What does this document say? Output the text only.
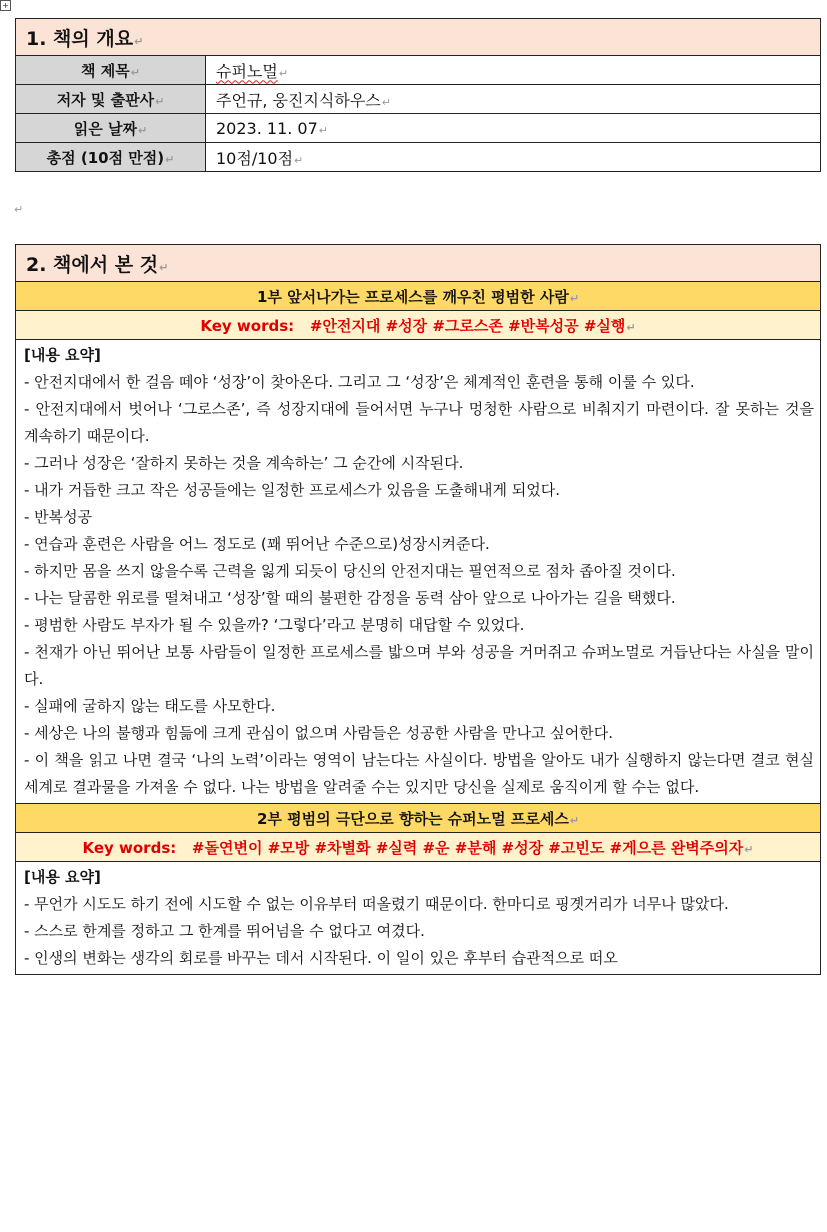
+
1. 책의 개요↵	
책 제목↵	슈퍼노멀↵
저자 및 출판사↵	주언규, 웅진지식하우스↵
읽은 날짜↵	2023. 11. 07↵
총점 (10점 만점)↵	10점/10점↵
↵
2. 책에서 본 것↵
1부 앞서나가는 프로세스를 깨우친 평범한 사람↵
Key words: #안전지대 #성장 #그로스존 #반복성공 #실행↵

[내용 요약]

- 안전지대에서 한 걸음 떼야 ‘성장’이 찾아온다. 그리고 그 ‘성장’은 체계적인 훈련을 통해 이룰 수 있다.

- 안전지대에서 벗어나 ‘그로스존’, 즉 성장지대에 들어서면 누구나 멍청한 사람으로 비춰지기 마련이다. 잘 못하는 것을 계속하기 때문이다.

- 그러나 성장은 ‘잘하지 못하는 것을 계속하는’ 그 순간에 시작된다.

- 내가 거듭한 크고 작은 성공들에는 일정한 프로세스가 있음을 도출해내게 되었다.

- 반복성공

- 연습과 훈련은 사람을 어느 정도로 (꽤 뛰어난 수준으로)성장시켜준다.

- 하지만 몸을 쓰지 않을수록 근력을 잃게 되듯이 당신의 안전지대는 필연적으로 점차 좁아질 것이다.

- 나는 달콤한 위로를 떨쳐내고 ‘성장’할 때의 불편한 감정을 동력 삼아 앞으로 나아가는 길을 택했다.

- 평범한 사람도 부자가 될 수 있을까? ‘그렇다’라고 분명히 대답할 수 있었다.

- 천재가 아닌 뛰어난 보통 사람들이 일정한 프로세스를 밟으며 부와 성공을 거머쥐고 슈퍼노멀로 거듭난다는 사실을 말이다.

- 실패에 굴하지 않는 태도를 사모한다.

- 세상은 나의 불행과 힘듦에 크게 관심이 없으며 사람들은 성공한 사람을 만나고 싶어한다.

- 이 책을 읽고 나면 결국 ‘나의 노력’이라는 영역이 남는다는 사실이다. 방법을 알아도 내가 실행하지 않는다면 결코 현실 세계로 결과물을 가져올 수 없다. 나는 방법을 알려줄 수는 있지만 당신을 실제로 움직이게 할 수는 없다.

2부 평범의 극단으로 향하는 슈퍼노멀 프로세스↵
Key words: #돌연변이 #모방 #차별화 #실력 #운 #분해 #성장 #고빈도 #게으른 완벽주의자↵

[내용 요약]

- 무언가 시도도 하기 전에 시도할 수 없는 이유부터 떠올렸기 때문이다. 한마디로 핑곗거리가 너무나 많았다.

- 스스로 한계를 정하고 그 한계를 뛰어넘을 수 없다고 여겼다.

- 인생의 변화는 생각의 회로를 바꾸는 데서 시작된다. 이 일이 있은 후부터 습관적으로 떠오
